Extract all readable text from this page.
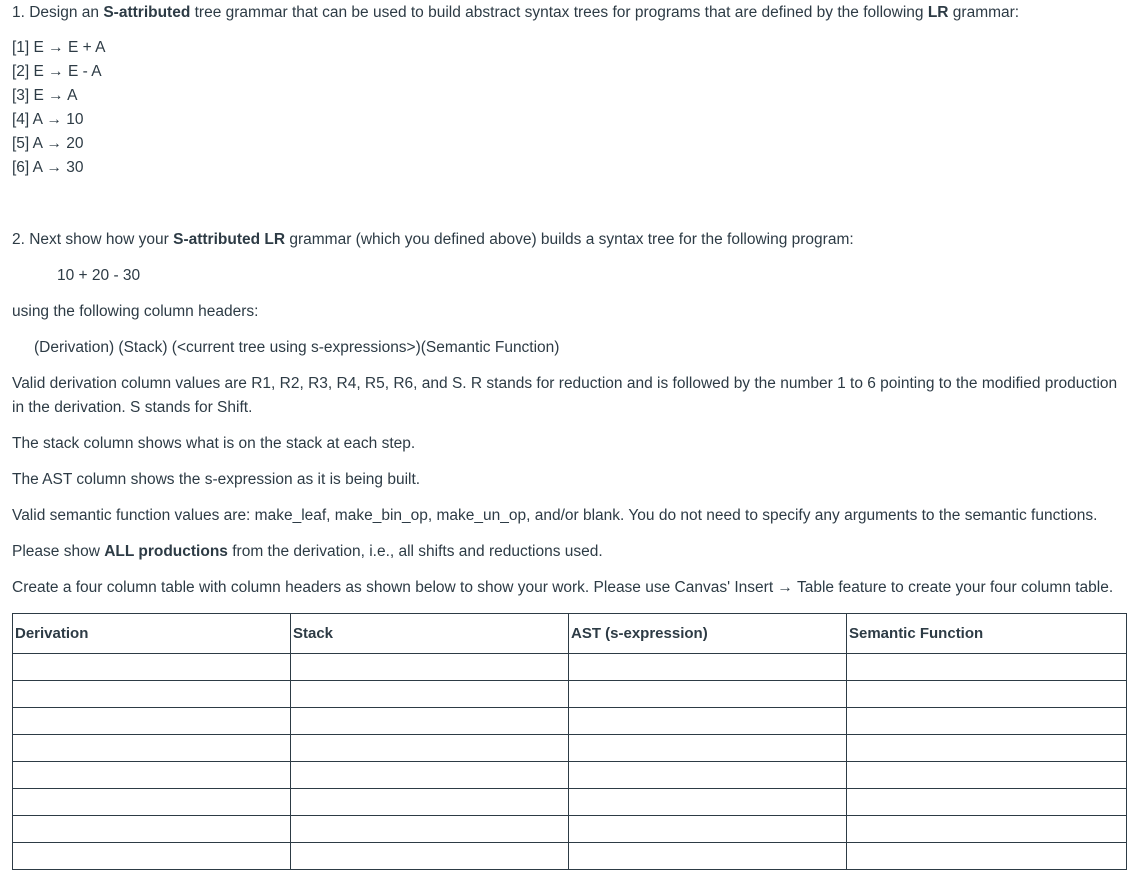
1. Design an S-attributed tree grammar that can be used to build abstract syntax trees for programs that are defined by the following LR grammar:
[1] E → E + A
[2] E → E - A
[3] E → A
[4] A → 10
[5] A → 20
[6] A → 30
2. Next show how your S-attributed LR grammar (which you defined above) builds a syntax tree for the following program:
10 + 20 - 30
using the following column headers:
(Derivation) (Stack) (<current tree using s-expressions>)(Semantic Function)
Valid derivation column values are R1, R2, R3, R4, R5, R6, and S. R stands for reduction and is followed by the number 1 to 6 pointing to the modified production
in the derivation. S stands for Shift.
The stack column shows what is on the stack at each step.
The AST column shows the s-expression as it is being built.
Valid semantic function values are: make_leaf, make_bin_op, make_un_op, and/or blank. You do not need to specify any arguments to the semantic functions.
Please show ALL productions from the derivation, i.e., all shifts and reductions used.
Create a four column table with column headers as shown below to show your work. Please use Canvas' Insert → Table feature to create your four column table.
Derivation	Stack	AST (s-expression)	Semantic Function
